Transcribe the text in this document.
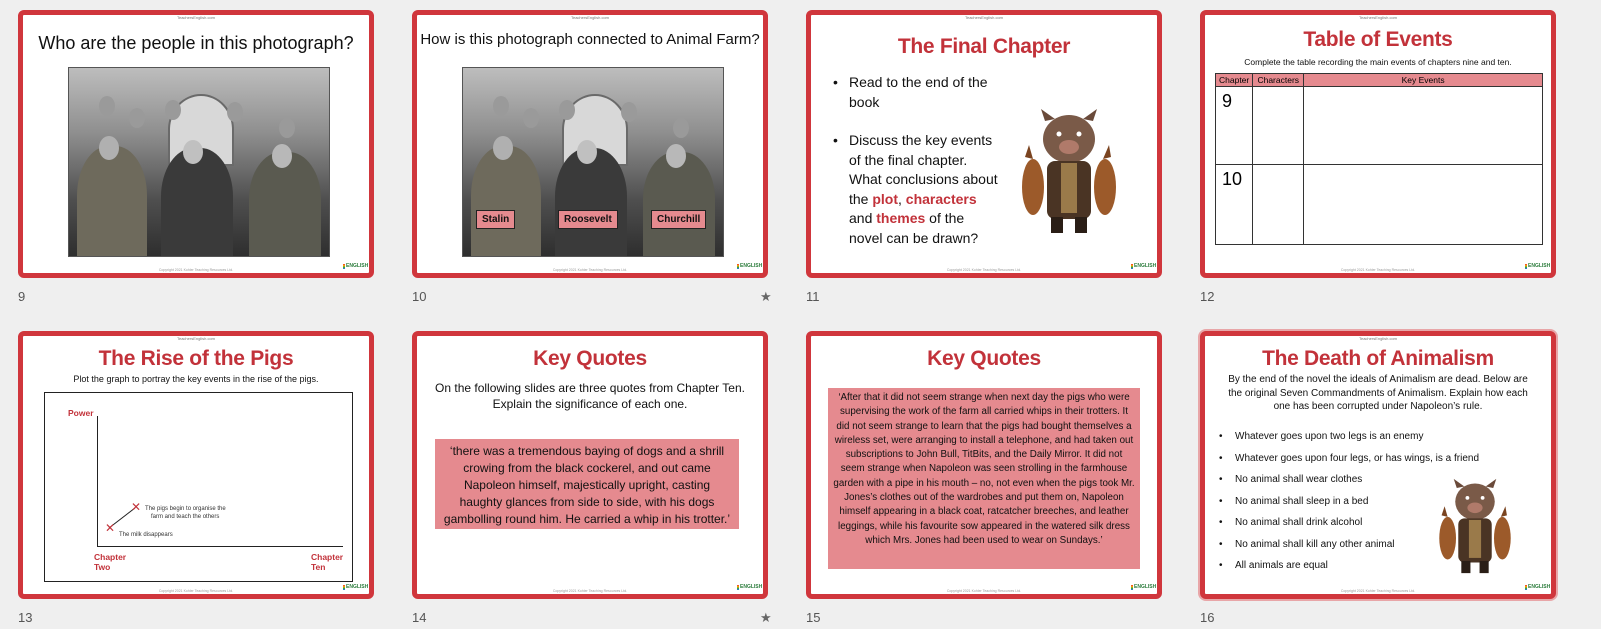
TeachersEnglish.com
Who are the people in this photograph?
Copyright 2021 Kohler Teaching Resources Ltd.
ENGLISH
9
TeachersEnglish.com
How is this photograph connected to Animal Farm?
Stalin	Roosevelt	Churchill
Copyright 2021 Kohler Teaching Resources Ltd.
ENGLISH
10	★
TeachersEnglish.com
The Final Chapter
• Read to the end of the book
• Discuss the key events of the final chapter. What conclusions about the plot, characters and themes of the novel can be drawn?
Copyright 2021 Kohler Teaching Resources Ltd.
ENGLISH
11
TeachersEnglish.com
Table of Events
Complete the table recording the main events of chapters nine and ten.
Chapter	Characters	Key Events
9		
10		
Copyright 2021 Kohler Teaching Resources Ltd.
ENGLISH
12
TeachersEnglish.com
The Rise of the Pigs
Plot the graph to portray the key events in the rise of the pigs.
Power
Chapter
Two
Chapter
Ten
✕
✕
The milk disappears
The pigs begin to organise the
farm and teach the others
Copyright 2021 Kohler Teaching Resources Ltd.
ENGLISH
13
Key Quotes
On the following slides are three quotes from Chapter Ten. Explain the significance of each one.
‘there was a tremendous baying of dogs and a shrill crowing from the black cockerel, and out came Napoleon himself, majestically upright, casting haughty glances from side to side, with his dogs gambolling round him. He carried a whip in his trotter.’
Copyright 2021 Kohler Teaching Resources Ltd.
ENGLISH
14	★
Key Quotes
‘After that it did not seem strange when next day the pigs who were supervising the work of the farm all carried whips in their trotters. It did not seem strange to learn that the pigs had bought themselves a wireless set, were arranging to install a telephone, and had taken out subscriptions to John Bull, TitBits, and the Daily Mirror. It did not seem strange when Napoleon was seen strolling in the farmhouse garden with a pipe in his mouth – no, not even when the pigs took Mr. Jones’s clothes out of the wardrobes and put them on, Napoleon himself appearing in a black coat, ratcatcher breeches, and leather leggings, while his favourite sow appeared in the watered silk dress which Mrs. Jones had been used to wear on Sundays.’
Copyright 2021 Kohler Teaching Resources Ltd.
ENGLISH
15
TeachersEnglish.com
The Death of Animalism
By the end of the novel the ideals of Animalism are dead. Below are the original Seven Commandments of Animalism. Explain how each one has been corrupted under Napoleon’s rule.
• Whatever goes upon two legs is an enemy
• Whatever goes upon four legs, or has wings, is a friend
• No animal shall wear clothes
• No animal shall sleep in a bed
• No animal shall drink alcohol
• No animal shall kill any other animal
• All animals are equal
Copyright 2021 Kohler Teaching Resources Ltd.
ENGLISH
16
